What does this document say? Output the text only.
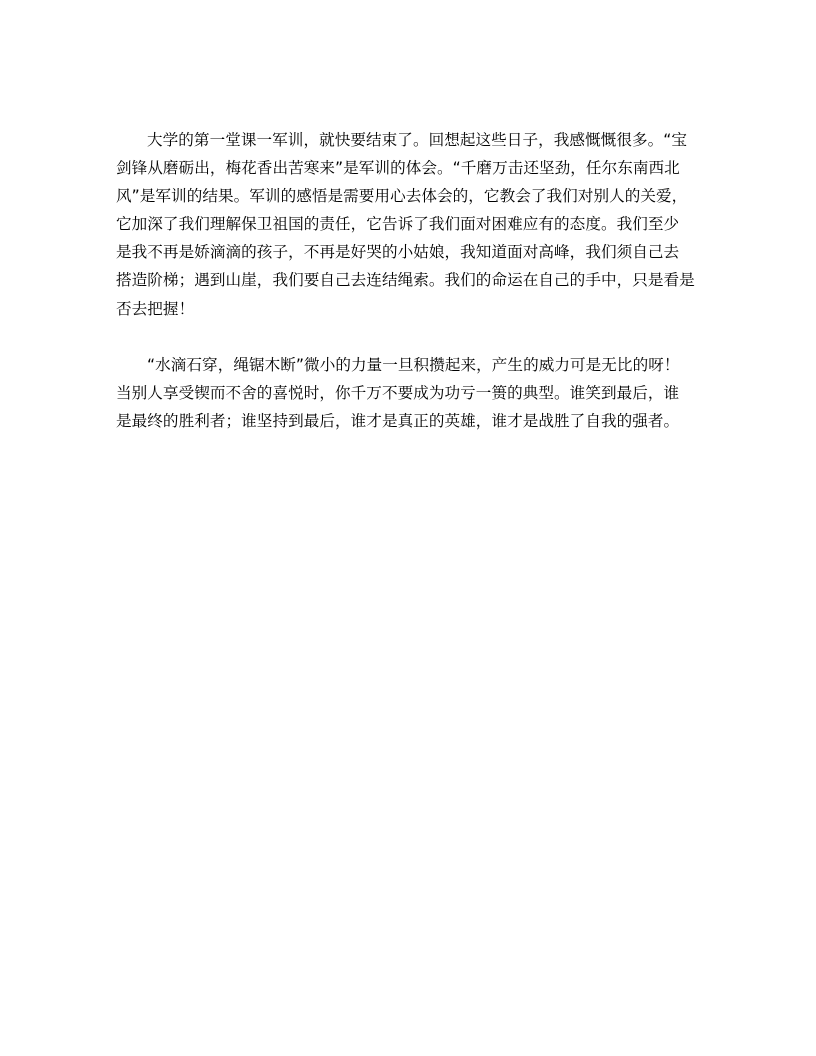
大学的第一堂课一军训，就快要结束了。回想起这些日子，我感慨慨很多。“宝
剑锋从磨砺出，梅花香出苦寒来”是军训的体会。“千磨万击还坚劲，任尔东南西北
风”是军训的结果。军训的感悟是需要用心去体会的，它教会了我们对别人的关爱，
它加深了我们理解保卫祖国的责任，它告诉了我们面对困难应有的态度。我们至少
是我不再是娇滴滴的孩子，不再是好哭的小姑娘，我知道面对高峰，我们须自己去
搭造阶梯；遇到山崖，我们要自己去连结绳索。我们的命运在自己的手中，只是看是
否去把握！

“水滴石穿，绳锯木断”微小的力量一旦积攒起来，产生的威力可是无比的呀！
当别人享受锲而不舍的喜悦时，你千万不要成为功亏一篑的典型。谁笑到最后，谁
是最终的胜利者；谁坚持到最后，谁才是真正的英雄，谁才是战胜了自我的强者。
